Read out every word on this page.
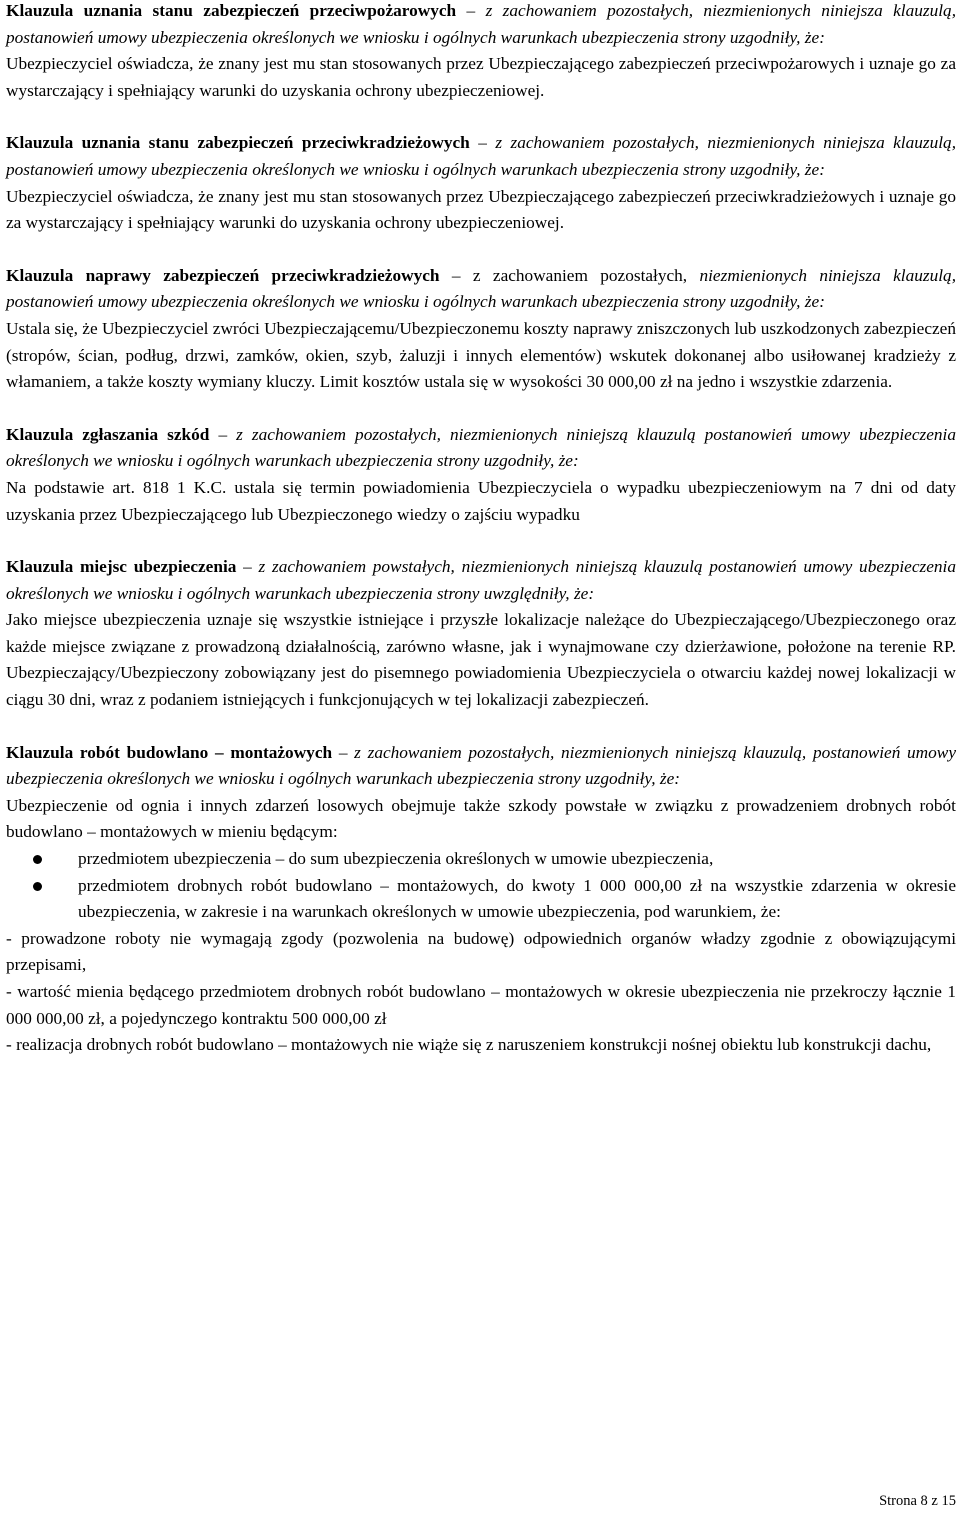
Klauzula uznania stanu zabezpieczeń przeciwpożarowych – z zachowaniem pozostałych, niezmienionych niniejsza klauzulą, postanowień umowy ubezpieczenia określonych we wniosku i ogólnych warunkach ubezpieczenia strony uzgodniły, że:

Ubezpieczyciel oświadcza, że znany jest mu stan stosowanych przez Ubezpieczającego zabezpieczeń przeciwpożarowych i uznaje go za wystarczający i spełniający warunki do uzyskania ochrony ubezpieczeniowej.

Klauzula uznania stanu zabezpieczeń przeciwkradzieżowych – z zachowaniem pozostałych, niezmienionych niniejsza klauzulą, postanowień umowy ubezpieczenia określonych we wniosku i ogólnych warunkach ubezpieczenia strony uzgodniły, że:

Ubezpieczyciel oświadcza, że znany jest mu stan stosowanych przez Ubezpieczającego zabezpieczeń przeciwkradzieżowych i uznaje go za wystarczający i spełniający warunki do uzyskania ochrony ubezpieczeniowej.

Klauzula naprawy zabezpieczeń przeciwkradzieżowych – z zachowaniem pozostałych, niezmienionych niniejsza klauzulą, postanowień umowy ubezpieczenia określonych we wniosku i ogólnych warunkach ubezpieczenia strony uzgodniły, że:

Ustala się, że Ubezpieczyciel zwróci Ubezpieczającemu/Ubezpieczonemu koszty naprawy zniszczonych lub uszkodzonych zabezpieczeń (stropów, ścian, podług, drzwi, zamków, okien, szyb, żaluzji i innych elementów) wskutek dokonanej albo usiłowanej kradzieży z włamaniem, a także koszty wymiany kluczy. Limit kosztów ustala się w wysokości 30 000,00 zł na jedno i wszystkie zdarzenia.

Klauzula zgłaszania szkód – z zachowaniem pozostałych, niezmienionych niniejszą klauzulą postanowień umowy ubezpieczenia określonych we wniosku i ogólnych warunkach ubezpieczenia strony uzgodniły, że:

Na podstawie art. 818 1 K.C. ustala się termin powiadomienia Ubezpieczyciela o wypadku ubezpieczeniowym na 7 dni od daty uzyskania przez Ubezpieczającego lub Ubezpieczonego wiedzy o zajściu wypadku

Klauzula miejsc ubezpieczenia – z zachowaniem powstałych, niezmienionych niniejszą klauzulą postanowień umowy ubezpieczenia określonych we wniosku i ogólnych warunkach ubezpieczenia strony uwzględniły, że:

Jako miejsce ubezpieczenia uznaje się wszystkie istniejące i przyszłe lokalizacje należące do Ubezpieczającego/Ubezpieczonego oraz każde miejsce związane z prowadzoną działalnością, zarówno własne, jak i wynajmowane czy dzierżawione, położone na terenie RP. Ubezpieczający/Ubezpieczony zobowiązany jest do pisemnego powiadomienia Ubezpieczyciela o otwarciu każdej nowej lokalizacji w ciągu 30 dni, wraz z podaniem istniejących i funkcjonujących w tej lokalizacji zabezpieczeń.

Klauzula robót budowlano – montażowych – z zachowaniem pozostałych, niezmienionych niniejszą klauzulą, postanowień umowy ubezpieczenia określonych we wniosku i ogólnych warunkach ubezpieczenia strony uzgodniły, że:

Ubezpieczenie od ognia i innych zdarzeń losowych obejmuje także szkody powstałe w związku z prowadzeniem drobnych robót budowlano – montażowych w mieniu będącym:

przedmiotem ubezpieczenia – do sum ubezpieczenia określonych w umowie ubezpieczenia,
przedmiotem drobnych robót budowlano – montażowych, do kwoty 1 000 000,00 zł na wszystkie zdarzenia w okresie ubezpieczenia, w zakresie i na warunkach określonych w umowie ubezpieczenia, pod warunkiem, że:

- prowadzone roboty nie wymagają zgody (pozwolenia na budowę) odpowiednich organów władzy zgodnie z obowiązującymi przepisami,

- wartość mienia będącego przedmiotem drobnych robót budowlano – montażowych w okresie ubezpieczenia nie przekroczy łącznie 1 000 000,00 zł, a pojedynczego kontraktu 500 000,00 zł

- realizacja drobnych robót budowlano – montażowych nie wiąże się z naruszeniem konstrukcji nośnej obiektu lub konstrukcji dachu,

Strona 8 z 15
